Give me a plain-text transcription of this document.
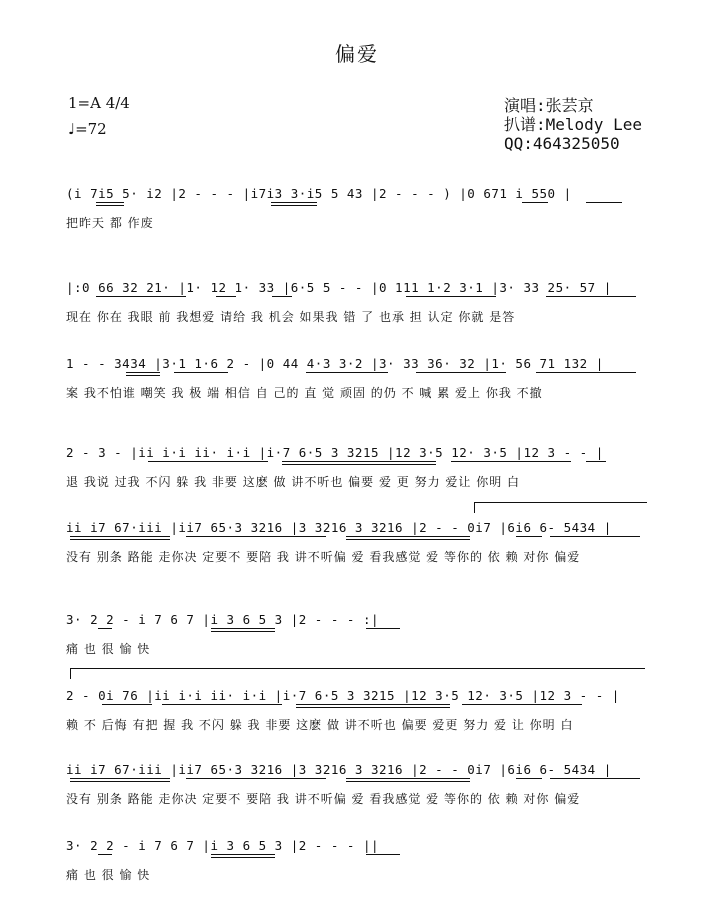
偏爱
1=A 4/4
♩=72
演唱:张芸京
扒谱:Melody Lee
QQ:464325050
(i 7i5 5· i2 |2 - - - |i7i3 3·i5 5 43 |2 - - - ) |0 671 i 550 |
把昨天 都 作废
|:0 66 32 21· |1· 12 1· 33 |6·5 5 - - |0 111 1·2 3·1 |3· 33 25· 57 |
现在 你在 我眼 前 我想爱 请给 我 机会 如果我 错 了 也承 担 认定 你就 是答
1 - - 3434 |3·1 1·6 2 - |0 44 4·3 3·2 |3· 33 36· 32 |1· 56 71 132 |
案 我不怕谁 嘲笑 我 极 端 相信 自 己的 直 觉 顽固 的仍 不 喊 累 爱上 你我 不撤
2 - 3 - |ii i·i ii· i·i |i·7 6·5 3 3215 |12 3·5 12· 3·5 |12 3 - - |
退 我说 过我 不闪 躲 我 非要 这麽 做 讲不听也 偏要 爱 更 努力 爱让 你明 白
ii i7 67·iii |ii7 65·3 3216 |3 3216 3 3216 |2 - - 0i7 |6i6 6- 5434 |
没有 别条 路能 走你决 定要不 要陪 我 讲不听偏 爱 看我感觉 爱 等你的 依 赖 对你 偏爱
3· 2 2 - i 7 6 7 |i 3 6 5 3 |2 - - - :|
痛 也 很 愉 快
2 - 0i 76 |ii i·i ii· i·i |i·7 6·5 3 3215 |12 3·5 12· 3·5 |12 3 - - |
赖 不 后悔 有把 握 我 不闪 躲 我 非要 这麽 做 讲不听也 偏要 爱更 努力 爱 让 你明 白
ii i7 67·iii |ii7 65·3 3216 |3 3216 3 3216 |2 - - 0i7 |6i6 6- 5434 |
没有 别条 路能 走你决 定要不 要陪 我 讲不听偏 爱 看我感觉 爱 等你的 依 赖 对你 偏爱
3· 2 2 - i 7 6 7 |i 3 6 5 3 |2 - - - ||
痛 也 很 愉 快
